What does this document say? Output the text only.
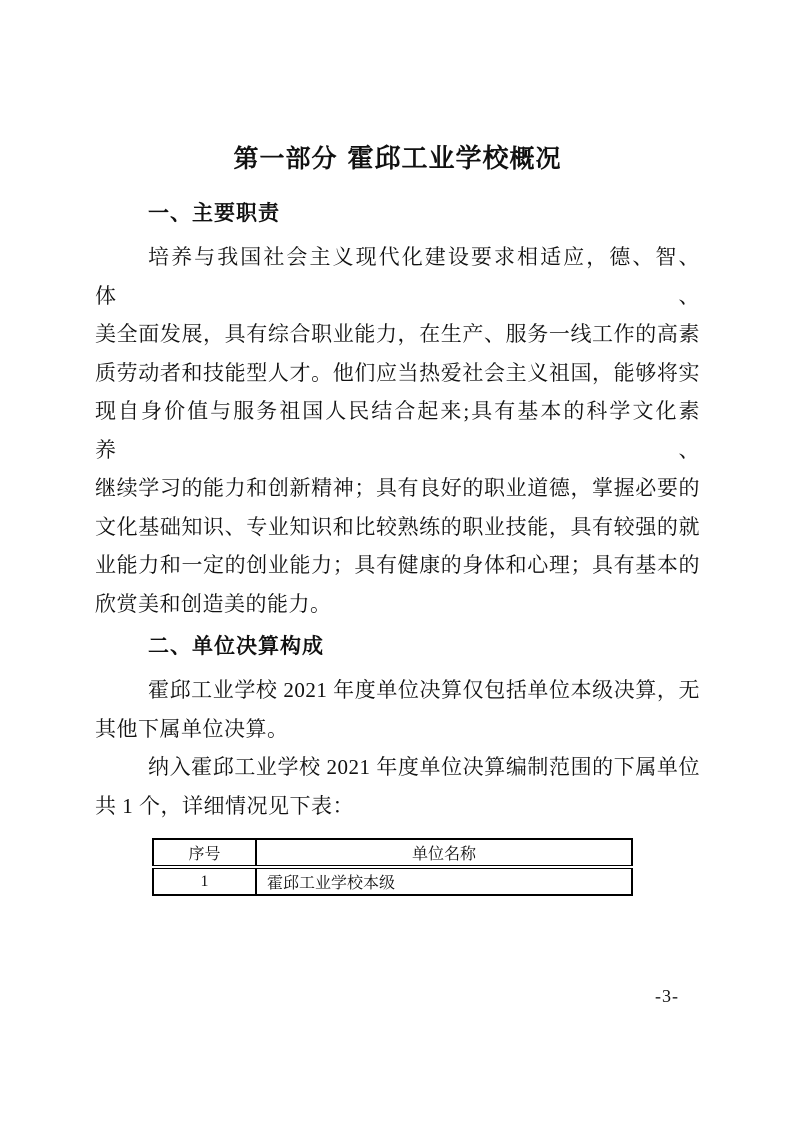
第一部分 霍邱工业学校概况
一、主要职责
培养与我国社会主义现代化建设要求相适应，德、智、体、
美全面发展，具有综合职业能力，在生产、服务一线工作的高素
质劳动者和技能型人才。他们应当热爱社会主义祖国，能够将实
现自身价值与服务祖国人民结合起来;具有基本的科学文化素养、
继续学习的能力和创新精神；具有良好的职业道德，掌握必要的
文化基础知识、专业知识和比较熟练的职业技能，具有较强的就
业能力和一定的创业能力；具有健康的身体和心理；具有基本的
欣赏美和创造美的能力。
二、单位决算构成
霍邱工业学校 2021 年度单位决算仅包括单位本级决算，无
其他下属单位决算。
纳入霍邱工业学校 2021 年度单位决算编制范围的下属单位
共 1 个，详细情况见下表：
序号	单位名称
1	霍邱工业学校本级
-3-
